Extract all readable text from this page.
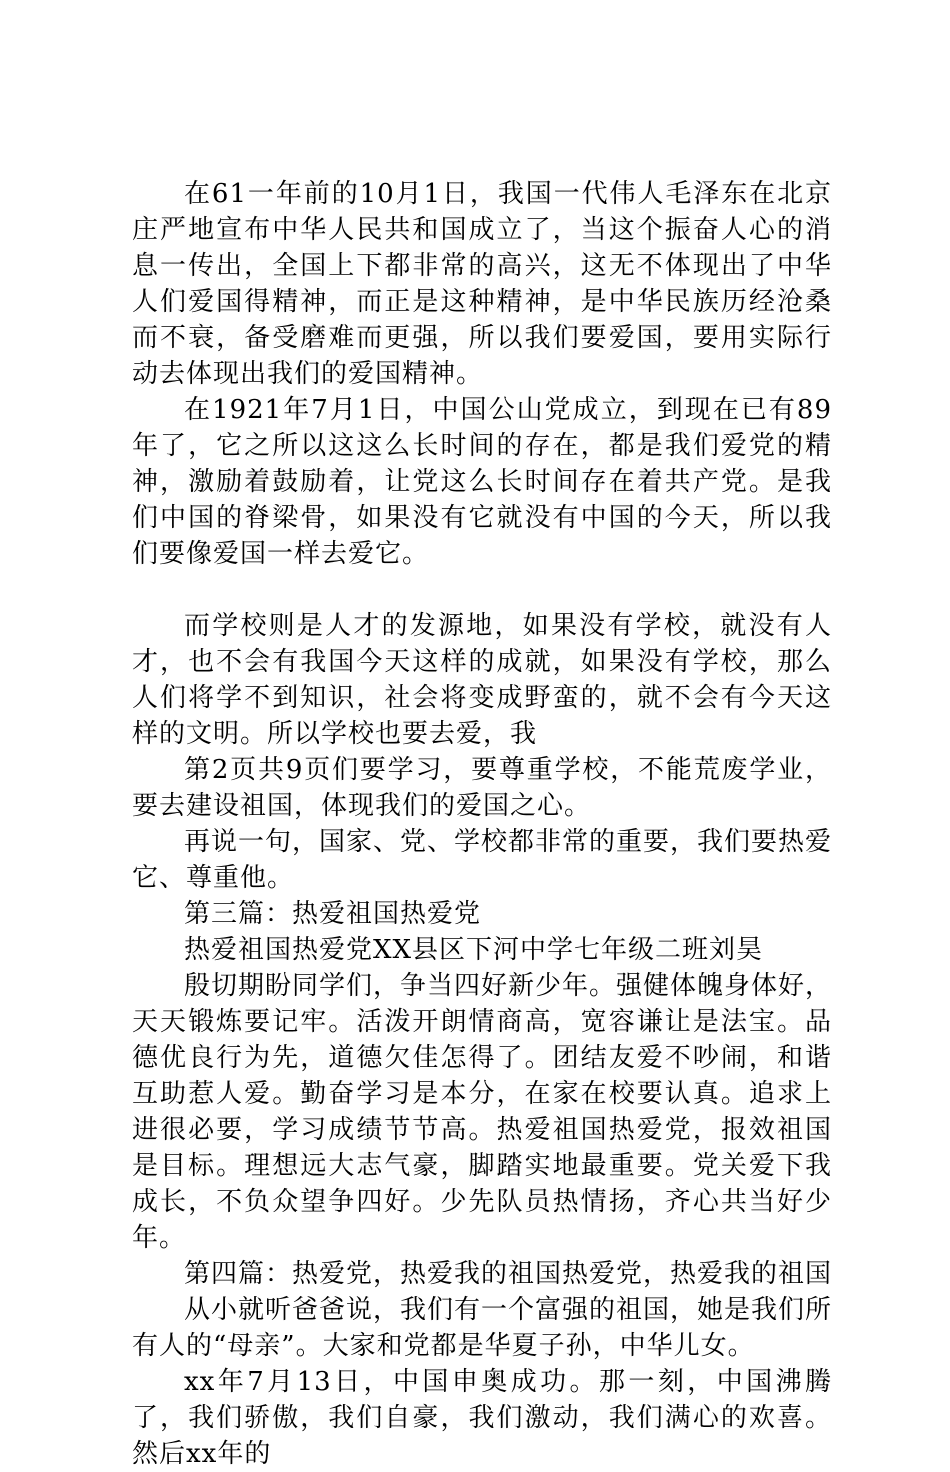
在61一年前的10月1日，我国一代伟人毛泽东在北京庄严地宣布中华人民共和国成立了，当这个振奋人心的消息一传出，全国上下都非常的高兴，这无不体现出了中华人们爱国得精神，而正是这种精神，是中华民族历经沧桑而不衰，备受磨难而更强，所以我们要爱国，要用实际行动去体现出我们的爱国精神。

在1921年7月1日，中国公山党成立，到现在已有89年了，它之所以这这么长时间的存在，都是我们爱党的精神，激励着鼓励着，让党这么长时间存在着共产党。是我们中国的脊梁骨，如果没有它就没有中国的今天，所以我们要像爱国一样去爱它。

而学校则是人才的发源地，如果没有学校，就没有人才，也不会有我国今天这样的成就，如果没有学校，那么人们将学不到知识，社会将变成野蛮的，就不会有今天这样的文明。所以学校也要去爱，我

第2页共9页们要学习，要尊重学校，不能荒废学业，要去建设祖国，体现我们的爱国之心。

再说一句，国家、党、学校都非常的重要，我们要热爱它、尊重他。

第三篇：热爱祖国热爱党

热爱祖国热爱党XX县区下河中学七年级二班刘昊

殷切期盼同学们，争当四好新少年。强健体魄身体好，天天锻炼要记牢。活泼开朗情商高，宽容谦让是法宝。品德优良行为先，道德欠佳怎得了。团结友爱不吵闹，和谐互助惹人爱。勤奋学习是本分，在家在校要认真。追求上进很必要，学习成绩节节高。热爱祖国热爱党，报效祖国是目标。理想远大志气豪，脚踏实地最重要。党关爱下我成长，不负众望争四好。少先队员热情扬，齐心共当好少年。

第四篇：热爱党，热爱我的祖国热爱党，热爱我的祖国

从小就听爸爸说，我们有一个富强的祖国，她是我们所有人的“母亲”。大家和党都是华夏子孙，中华儿女。

xx年7月13日，中国申奥成功。那一刻，中国沸腾了，我们骄傲，我们自豪，我们激动，我们满心的欢喜。然后xx年的
